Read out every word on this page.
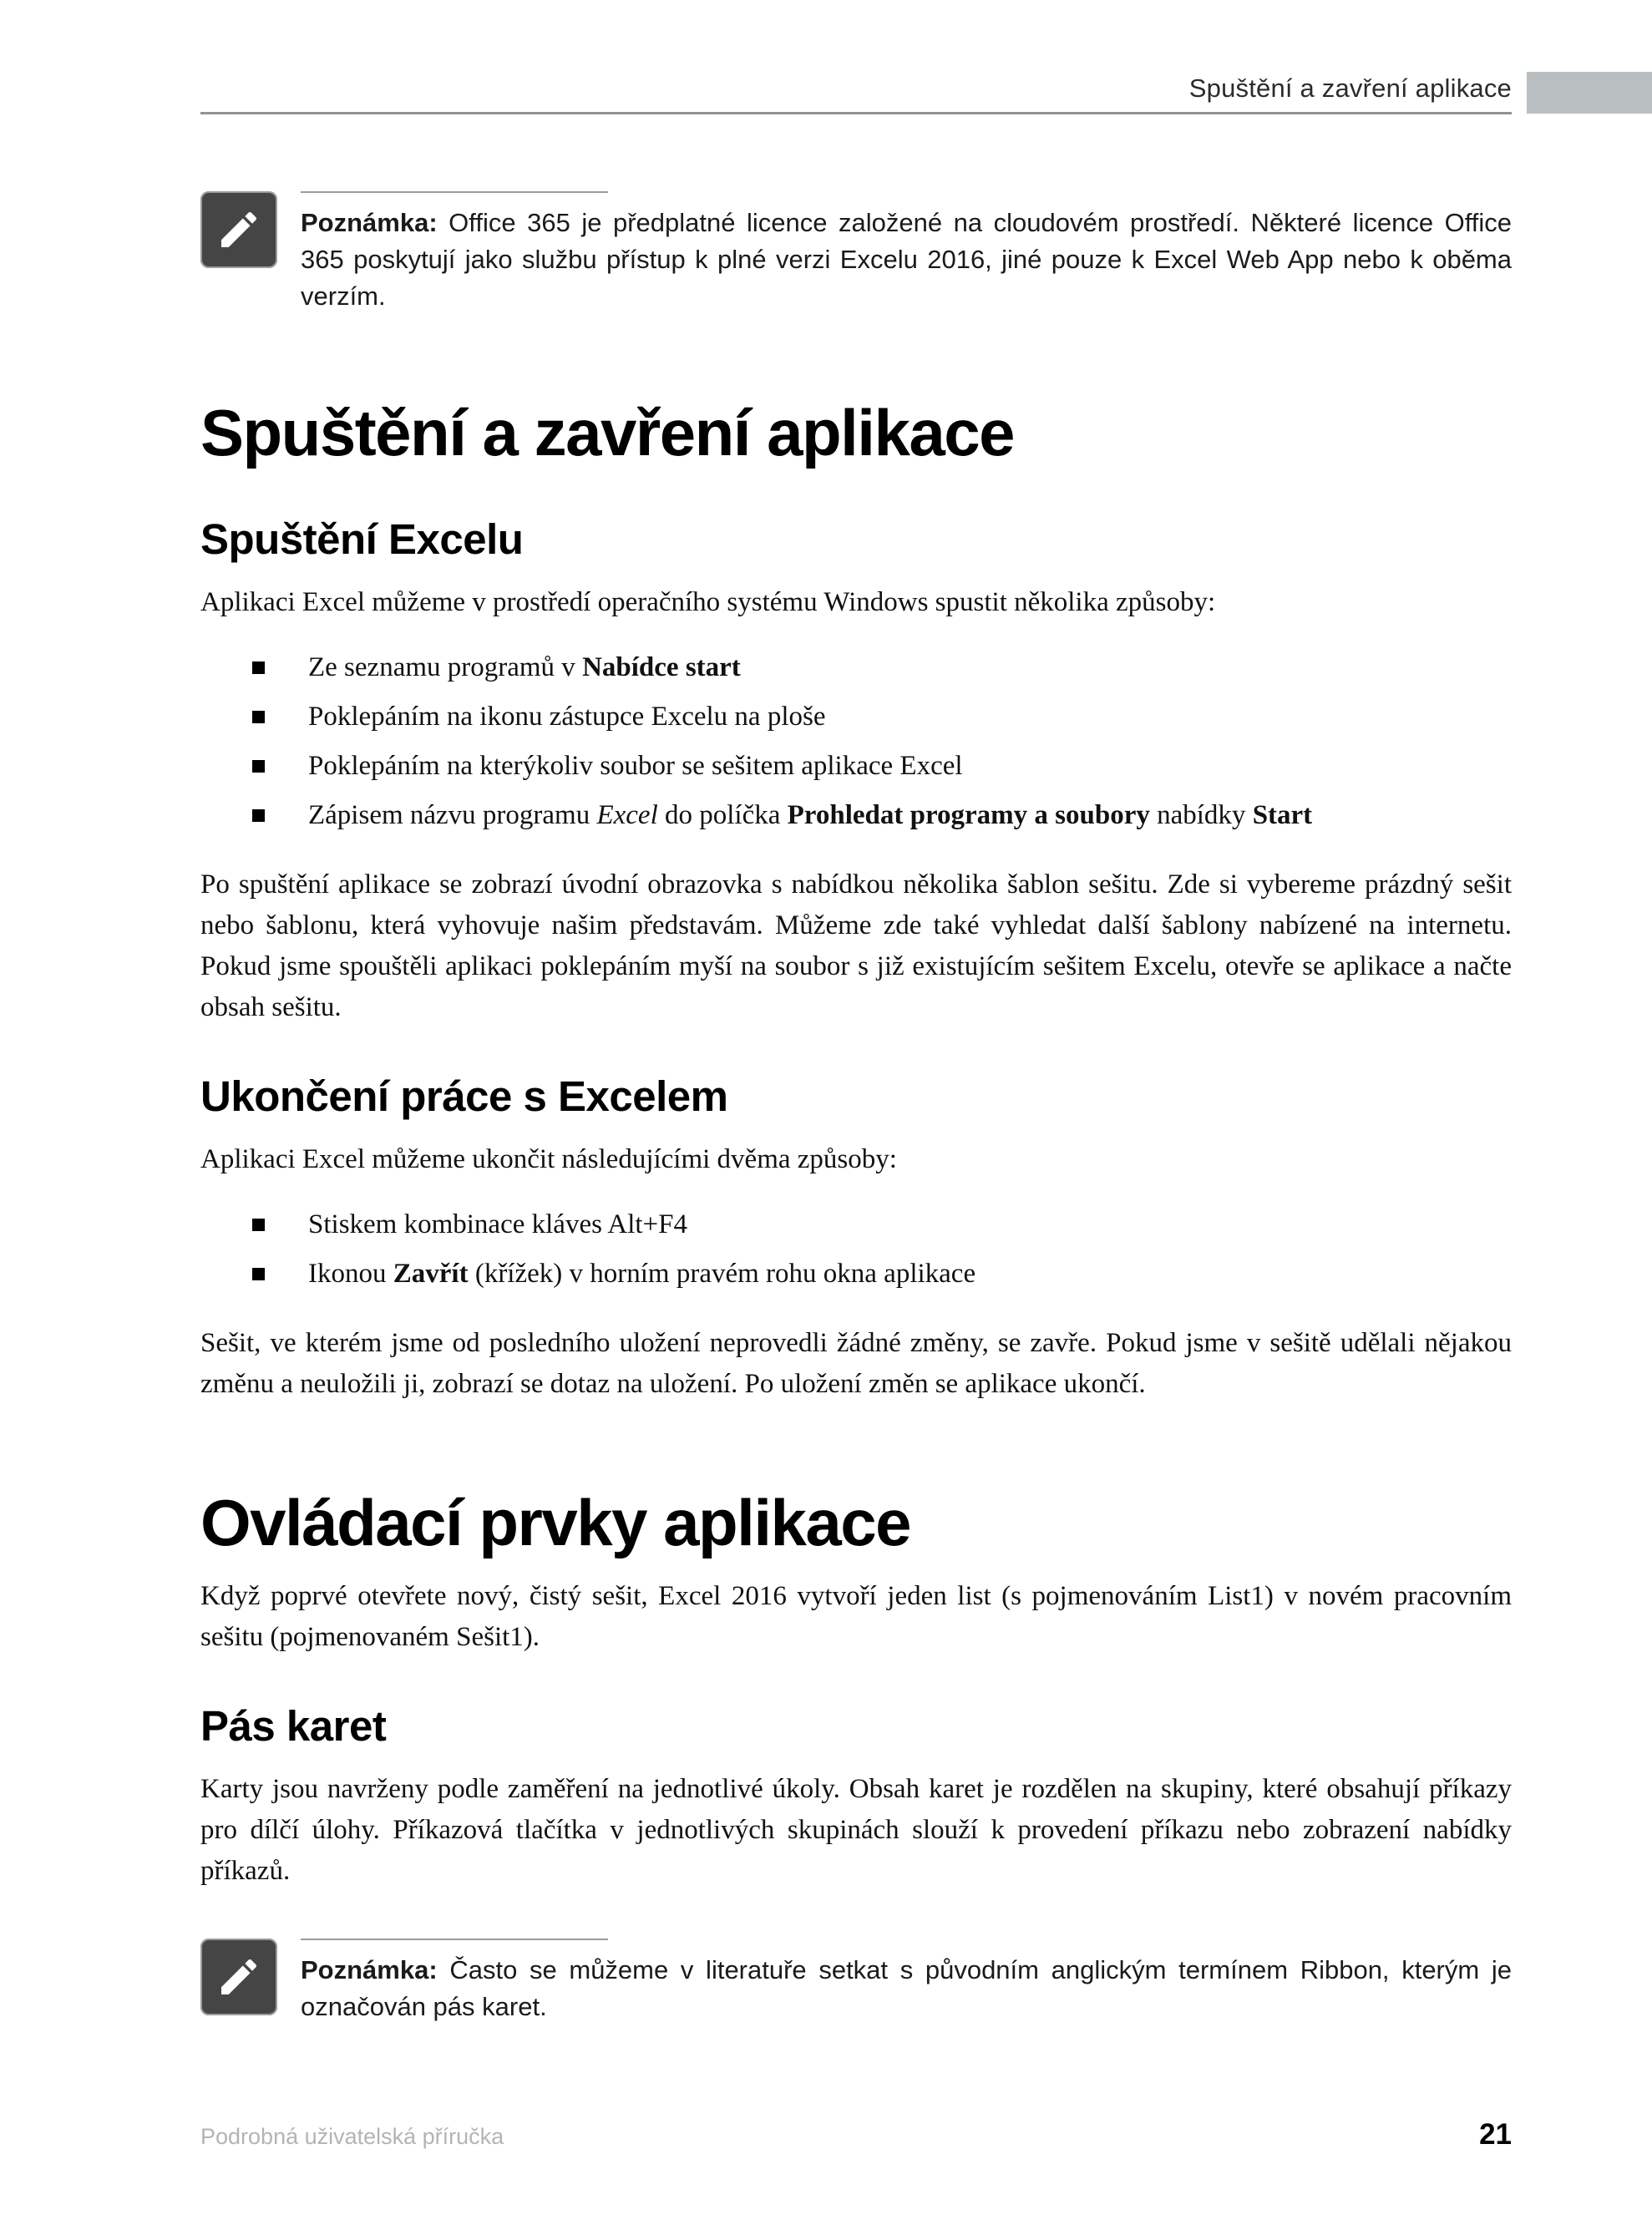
Spuštění a zavření aplikace
Poznámka: Office 365 je předplatné licence založené na cloudovém prostředí. Některé licence Office 365 poskytují jako službu přístup k plné verzi Excelu 2016, jiné pouze k Excel Web App nebo k oběma verzím.
Spuštění a zavření aplikace
Spuštění Excelu

Aplikaci Excel můžeme v prostředí operačního systému Windows spustit několika způsoby:

Ze seznamu programů v Nabídce start
Poklepáním na ikonu zástupce Excelu na ploše
Poklepáním na kterýkoliv soubor se sešitem aplikace Excel
Zápisem názvu programu Excel do políčka Prohledat programy a soubory nabídky Start

Po spuštění aplikace se zobrazí úvodní obrazovka s nabídkou několika šablon sešitu. Zde si vybereme prázdný sešit nebo šablonu, která vyhovuje našim představám. Můžeme zde také vyhledat další šablony nabízené na internetu. Pokud jsme spouštěli aplikaci poklepáním myší na soubor s již existujícím sešitem Excelu, otevře se aplikace a načte obsah sešitu.

Ukončení práce s Excelem

Aplikaci Excel můžeme ukončit následujícími dvěma způsoby:

Stiskem kombinace kláves Alt+F4
Ikonou Zavřít (křížek) v horním pravém rohu okna aplikace

Sešit, ve kterém jsme od posledního uložení neprovedli žádné změny, se zavře. Pokud jsme v sešitě udělali nějakou změnu a neuložili ji, zobrazí se dotaz na uložení. Po uložení změn se aplikace ukončí.

Ovládací prvky aplikace

Když poprvé otevřete nový, čistý sešit, Excel 2016 vytvoří jeden list (s pojmenováním List1) v novém pracovním sešitu (pojmenovaném Sešit1).

Pás karet

Karty jsou navrženy podle zaměření na jednotlivé úkoly. Obsah karet je rozdělen na skupiny, které obsahují příkazy pro dílčí úlohy. Příkazová tlačítka v jednotlivých skupinách slouží k provedení příkazu nebo zobrazení nabídky příkazů.

Poznámka: Často se můžeme v literatuře setkat s původním anglickým termínem Ribbon, kterým je označován pás karet.
Podrobná uživatelská příručka	21
